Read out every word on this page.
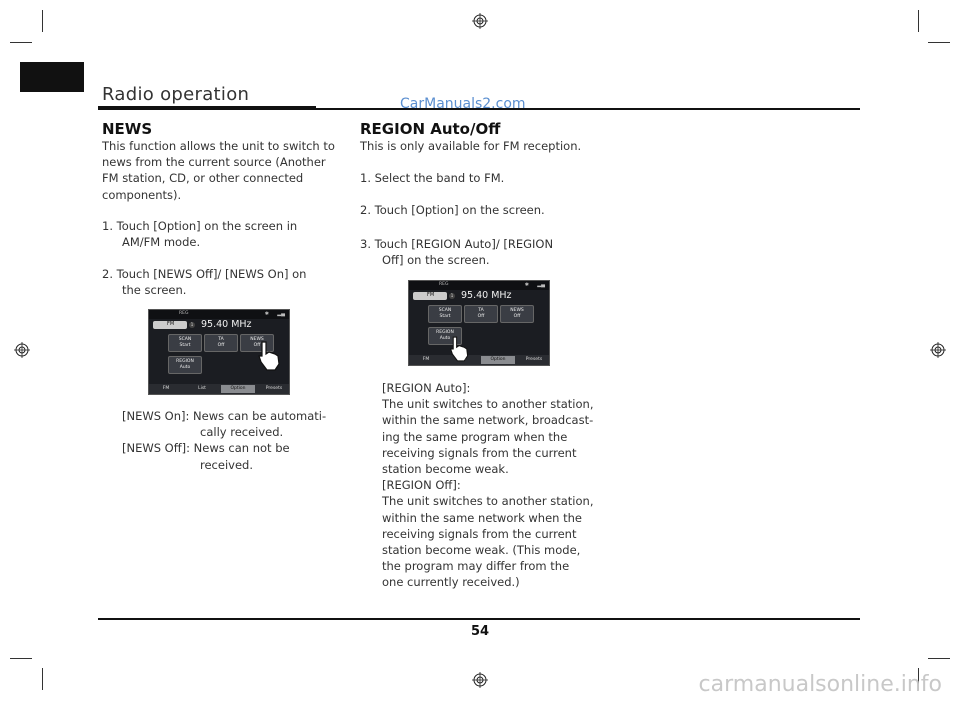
Radio operation	CarManuals2.com
NEWS
This function allows the unit to switch to
news from the current source (Another
FM station, CD, or other connected
components).
1. Touch [Option] on the screen in
AM/FM mode.
2. Touch [NEWS Off]/ [NEWS On] on
the screen.
REG	✱ ▂▄
FM	1 95.40 MHz
SCAN
Start
TA
Off
NEWS
Off
REGION
Auto
FM	List	Option	Presets
[NEWS On]: News can be automati-
cally received.
[NEWS Off]: News can not be
received.
REGION Auto/Off
This is only available for FM reception.
1. Select the band to FM.
2. Touch [Option] on the screen.
3. Touch [REGION Auto]/ [REGION
Off] on the screen.
REG	✱ ▂▄
FM	1 95.40 MHz
SCAN
Start
TA
Off
NEWS
Off
REGION
Auto
FM	Option	Presets
[REGION Auto]:
The unit switches to another station,
within the same network, broadcast-
ing the same program when the
receiving signals from the current
station become weak.
[REGION Off]:
The unit switches to another station,
within the same network when the
receiving signals from the current
station become weak. (This mode,
the program may differ from the
one currently received.)
54
carmanualsonline.info
